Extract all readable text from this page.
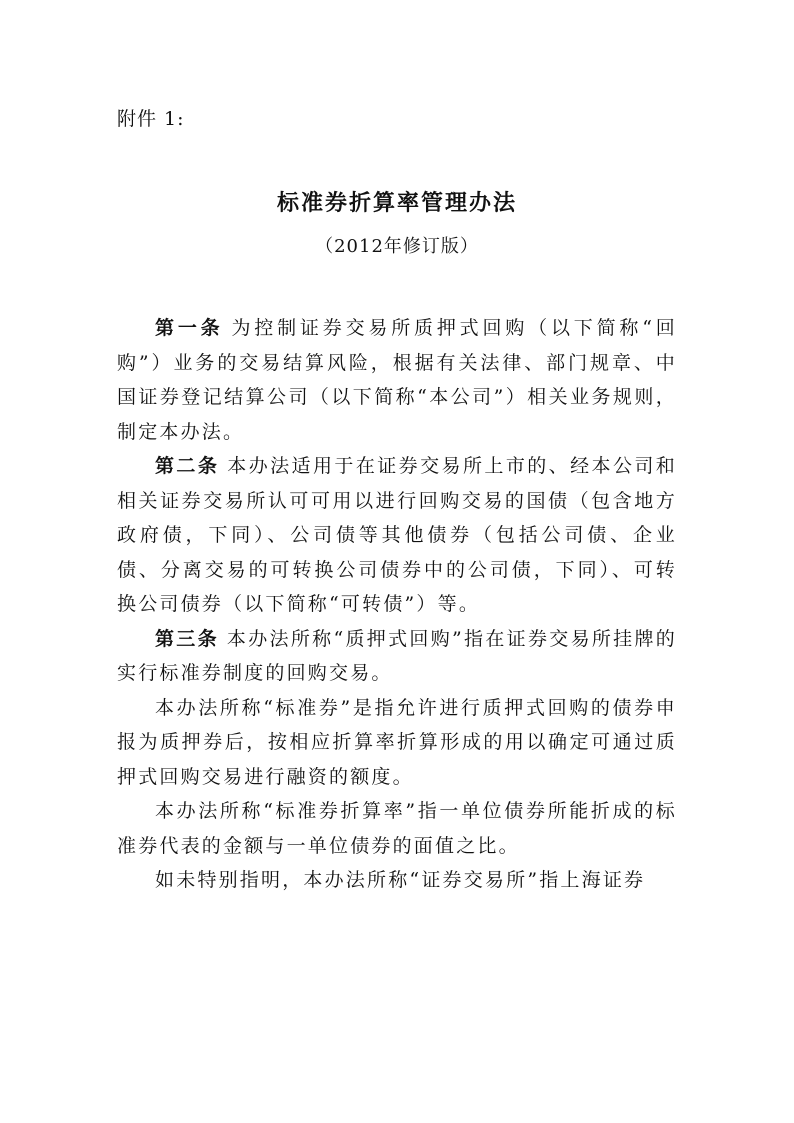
附件 1:
标准券折算率管理办法
（2012年修订版）

第一条 为控制证券交易所质押式回购（以下简称“回购”）业务的交易结算风险，根据有关法律、部门规章、中国证券登记结算公司（以下简称“本公司”）相关业务规则，制定本办法。

第二条 本办法适用于在证券交易所上市的、经本公司和相关证券交易所认可可用以进行回购交易的国债（包含地方政府债，下同）、公司债等其他债券（包括公司债、企业债、分离交易的可转换公司债券中的公司债，下同）、可转换公司债券（以下简称“可转债”）等。

第三条 本办法所称“质押式回购”指在证券交易所挂牌的实行标准券制度的回购交易。

本办法所称“标准券”是指允许进行质押式回购的债券申报为质押券后，按相应折算率折算形成的用以确定可通过质押式回购交易进行融资的额度。

本办法所称“标准券折算率”指一单位债券所能折成的标准券代表的金额与一单位债券的面值之比。

如未特别指明，本办法所称“证券交易所”指上海证券
